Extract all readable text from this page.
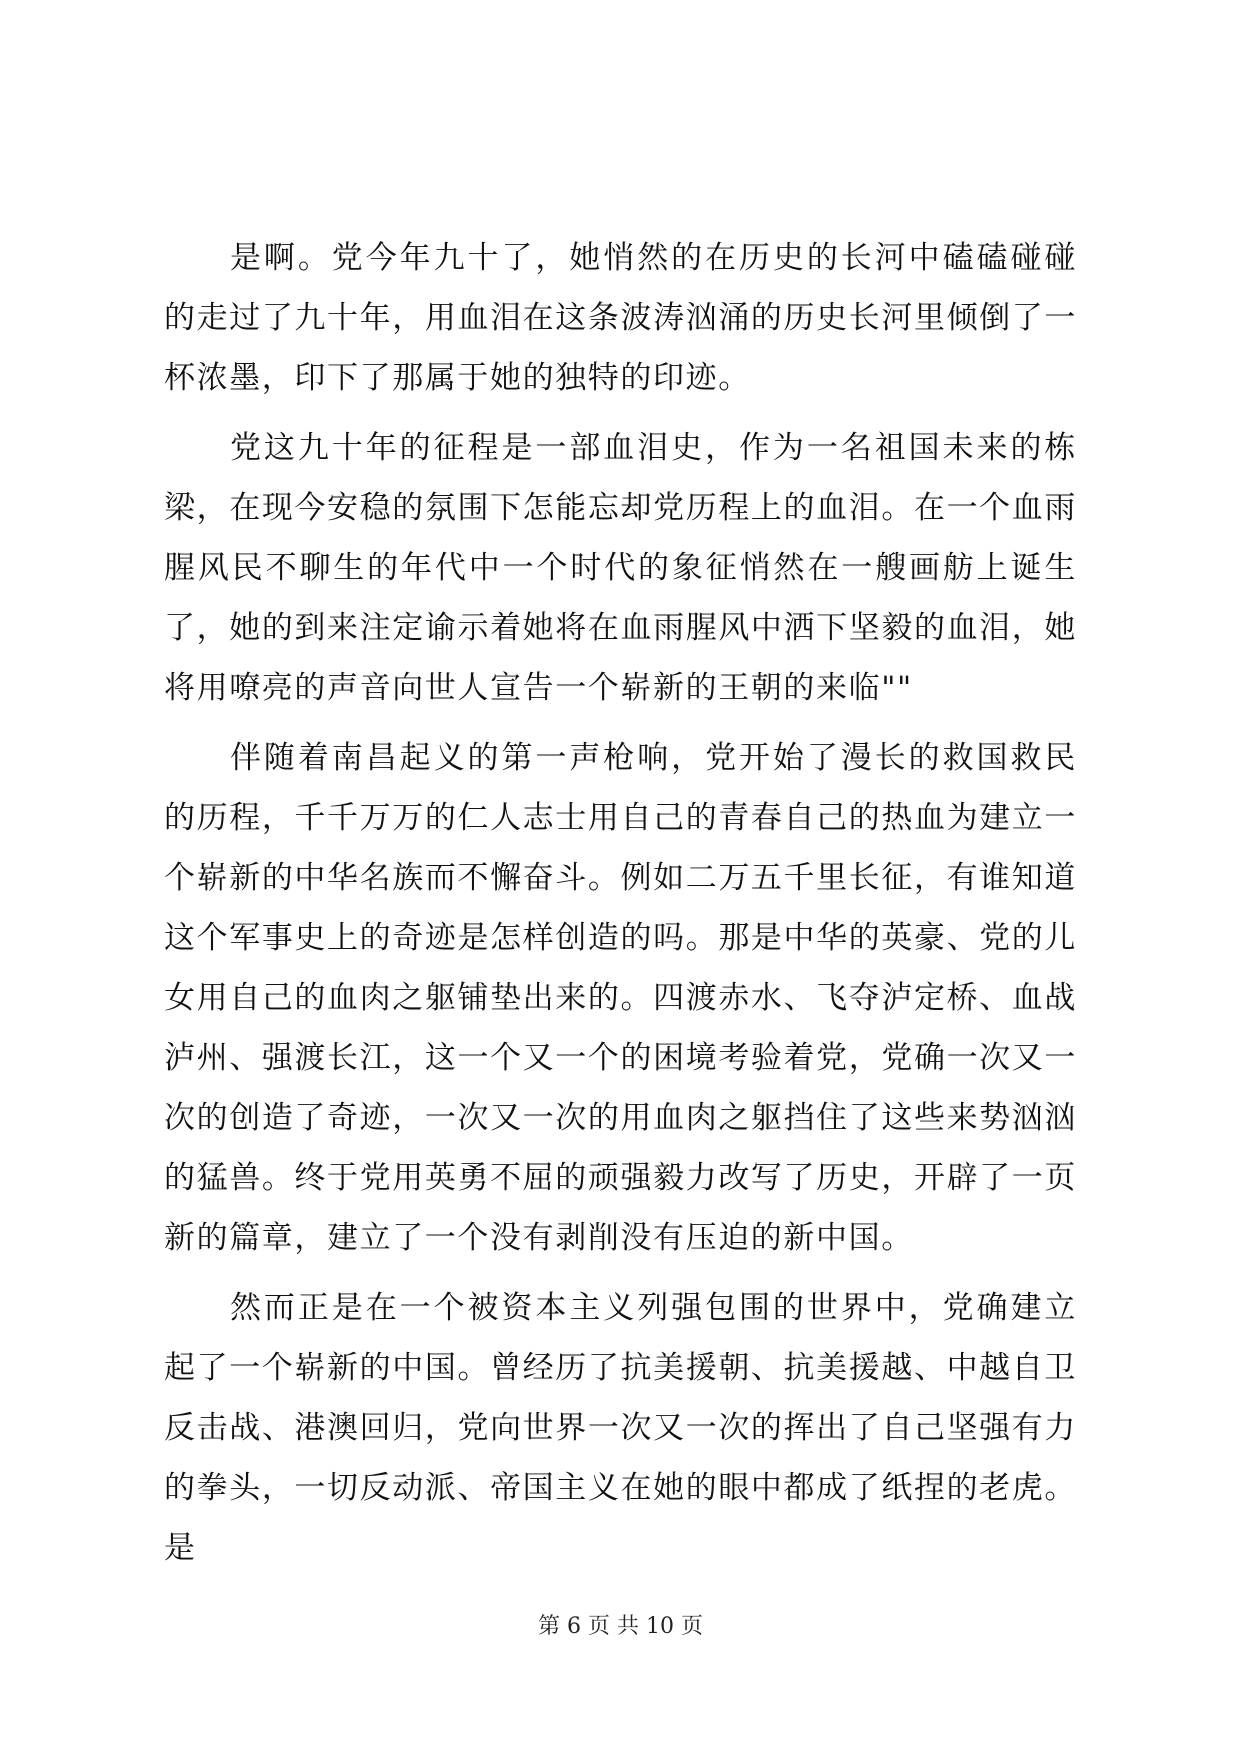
是啊。党今年九十了，她悄然的在历史的长河中磕磕碰碰的走过了九十年，用血泪在这条波涛汹涌的历史长河里倾倒了一杯浓墨，印下了那属于她的独特的印迹。

党这九十年的征程是一部血泪史，作为一名祖国未来的栋梁，在现今安稳的氛围下怎能忘却党历程上的血泪。在一个血雨腥风民不聊生的年代中一个时代的象征悄然在一艘画舫上诞生了，她的到来注定谕示着她将在血雨腥风中洒下坚毅的血泪，她将用嘹亮的声音向世人宣告一个崭新的王朝的来临""

伴随着南昌起义的第一声枪响，党开始了漫长的救国救民的历程，千千万万的仁人志士用自己的青春自己的热血为建立一个崭新的中华名族而不懈奋斗。例如二万五千里长征，有谁知道这个军事史上的奇迹是怎样创造的吗。那是中华的英豪、党的儿女用自己的血肉之躯铺垫出来的。四渡赤水、飞夺泸定桥、血战泸州、强渡长江，这一个又一个的困境考验着党，党确一次又一次的创造了奇迹，一次又一次的用血肉之躯挡住了这些来势汹汹的猛兽。终于党用英勇不屈的顽强毅力改写了历史，开辟了一页新的篇章，建立了一个没有剥削没有压迫的新中国。

然而正是在一个被资本主义列强包围的世界中，党确建立起了一个崭新的中国。曾经历了抗美援朝、抗美援越、中越自卫反击战、港澳回归，党向世界一次又一次的挥出了自己坚强有力的拳头，一切反动派、帝国主义在她的眼中都成了纸捏的老虎。是

第 6 页 共 10 页
